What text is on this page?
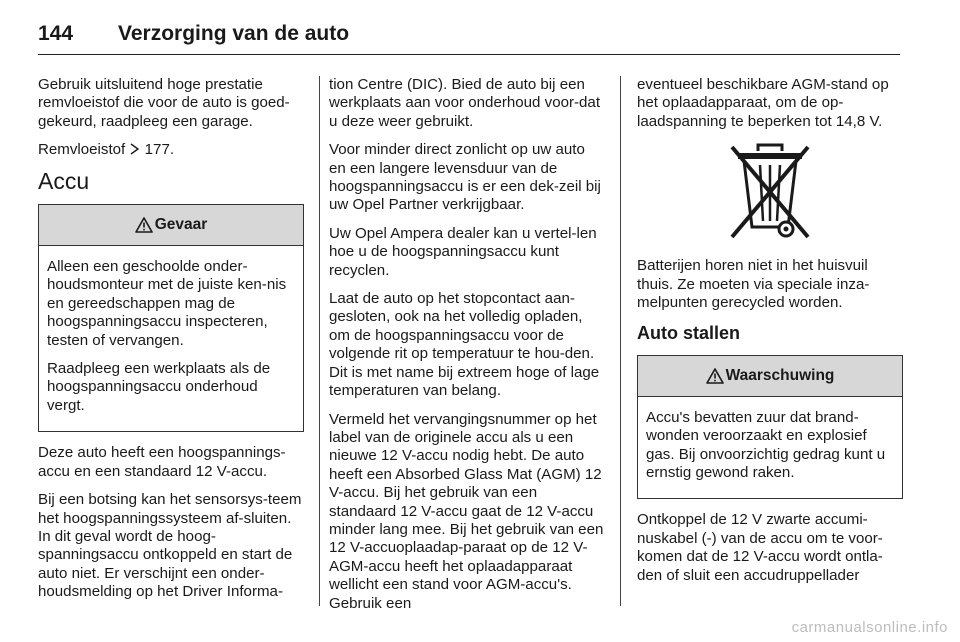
144	Verzorging van de auto

Gebruik uitsluitend hoge prestatie remvloeistof die voor de auto is goed-gekeurd, raadpleeg een garage.

Remvloeistof 177.

Accu
Gevaar

Alleen een geschoolde onder-houdsmonteur met de juiste ken-nis en gereedschappen mag de hoogspanningsaccu inspecteren, testen of vervangen.

Raadpleeg een werkplaats als de hoogspanningsaccu onderhoud vergt.

Deze auto heeft een hoogspannings-accu en een standaard 12 V-accu.

Bij een botsing kan het sensorsys-teem het hoogspanningssysteem af-sluiten. In dit geval wordt de hoog-spanningsaccu ontkoppeld en start de auto niet. Er verschijnt een onder-houdsmelding op het Driver Informa-

tion Centre (DIC). Bied de auto bij een werkplaats aan voor onderhoud voor-dat u deze weer gebruikt.

Voor minder direct zonlicht op uw auto en een langere levensduur van de hoogspanningsaccu is er een dek-zeil bij uw Opel Partner verkrijgbaar.

Uw Opel Ampera dealer kan u vertel-len hoe u de hoogspanningsaccu kunt recyclen.

Laat de auto op het stopcontact aan-gesloten, ook na het volledig opladen, om de hoogspanningsaccu voor de volgende rit op temperatuur te hou-den. Dit is met name bij extreem hoge of lage temperaturen van belang.

Vermeld het vervangingsnummer op het label van de originele accu als u een nieuwe 12 V-accu nodig hebt. De auto heeft een Absorbed Glass Mat (AGM) 12 V-accu. Bij het gebruik van een standaard 12 V-accu gaat de 12 V-accu minder lang mee. Bij het gebruik van een 12 V-accuoplaadap-paraat op de 12 V-AGM-accu heeft het oplaadapparaat wellicht een stand voor AGM-accu's. Gebruik een

eventueel beschikbare AGM-stand op het oplaadapparaat, om de op-laadspanning te beperken tot 14,8 V.

Batterijen horen niet in het huisvuil thuis. Ze moeten via speciale inza-melpunten gerecycled worden.

Auto stallen
Waarschuwing

Accu's bevatten zuur dat brand-wonden veroorzaakt en explosief gas. Bij onvoorzichtig gedrag kunt u ernstig gewond raken.

Ontkoppel de 12 V zwarte accumi-nuskabel (-) van de accu om te voor-komen dat de 12 V-accu wordt ontla-den of sluit een accudruppellader

carmanualsonline.info
